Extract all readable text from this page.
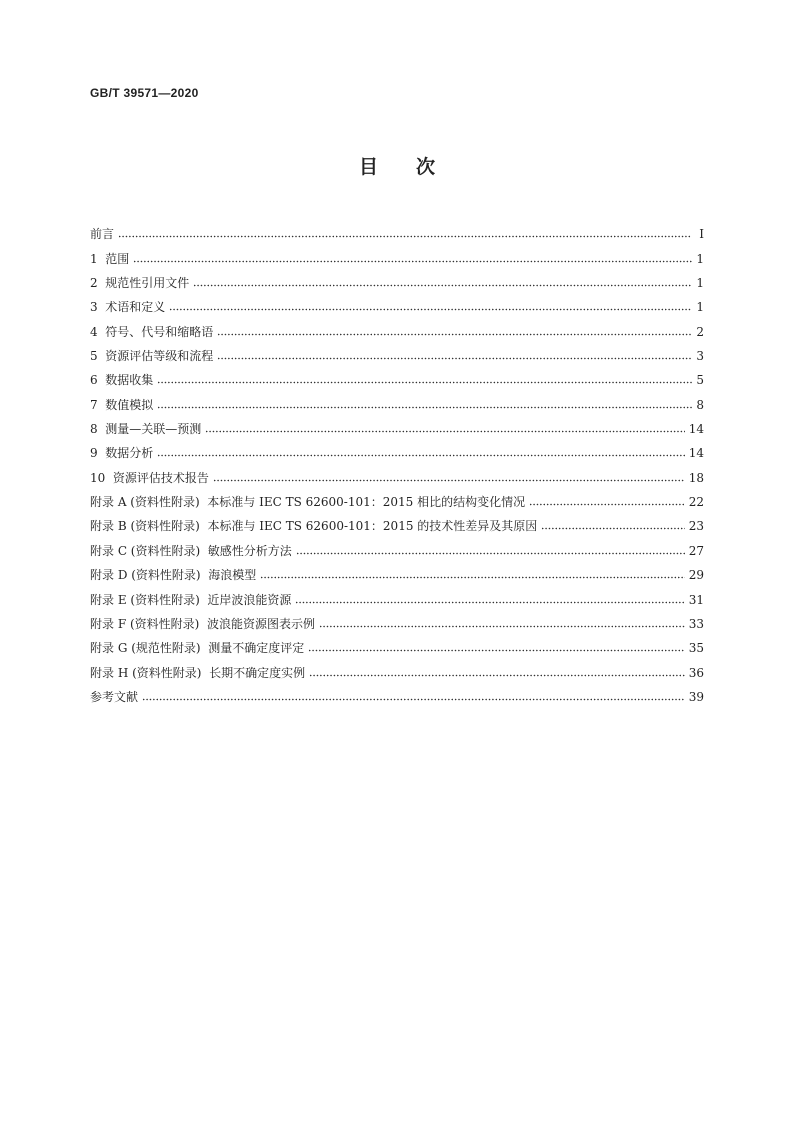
GB/T 39571—2020
目次
前言	I
1  范围	1
2  规范性引用文件	1
3  术语和定义	1
4  符号、代号和缩略语	2
5  资源评估等级和流程	3
6  数据收集	5
7  数值模拟	8
8  测量—关联—预测	14
9  数据分析	14
10  资源评估技术报告	18
附录 A (资料性附录)  本标准与 IEC TS 62600-101：2015 相比的结构变化情况	22
附录 B (资料性附录)  本标准与 IEC TS 62600-101：2015 的技术性差异及其原因	23
附录 C (资料性附录)  敏感性分析方法	27
附录 D (资料性附录)  海浪模型	29
附录 E (资料性附录)  近岸波浪能资源	31
附录 F (资料性附录)  波浪能资源图表示例	33
附录 G (规范性附录)  测量不确定度评定	35
附录 H (资料性附录)  长期不确定度实例	36
参考文献	39
